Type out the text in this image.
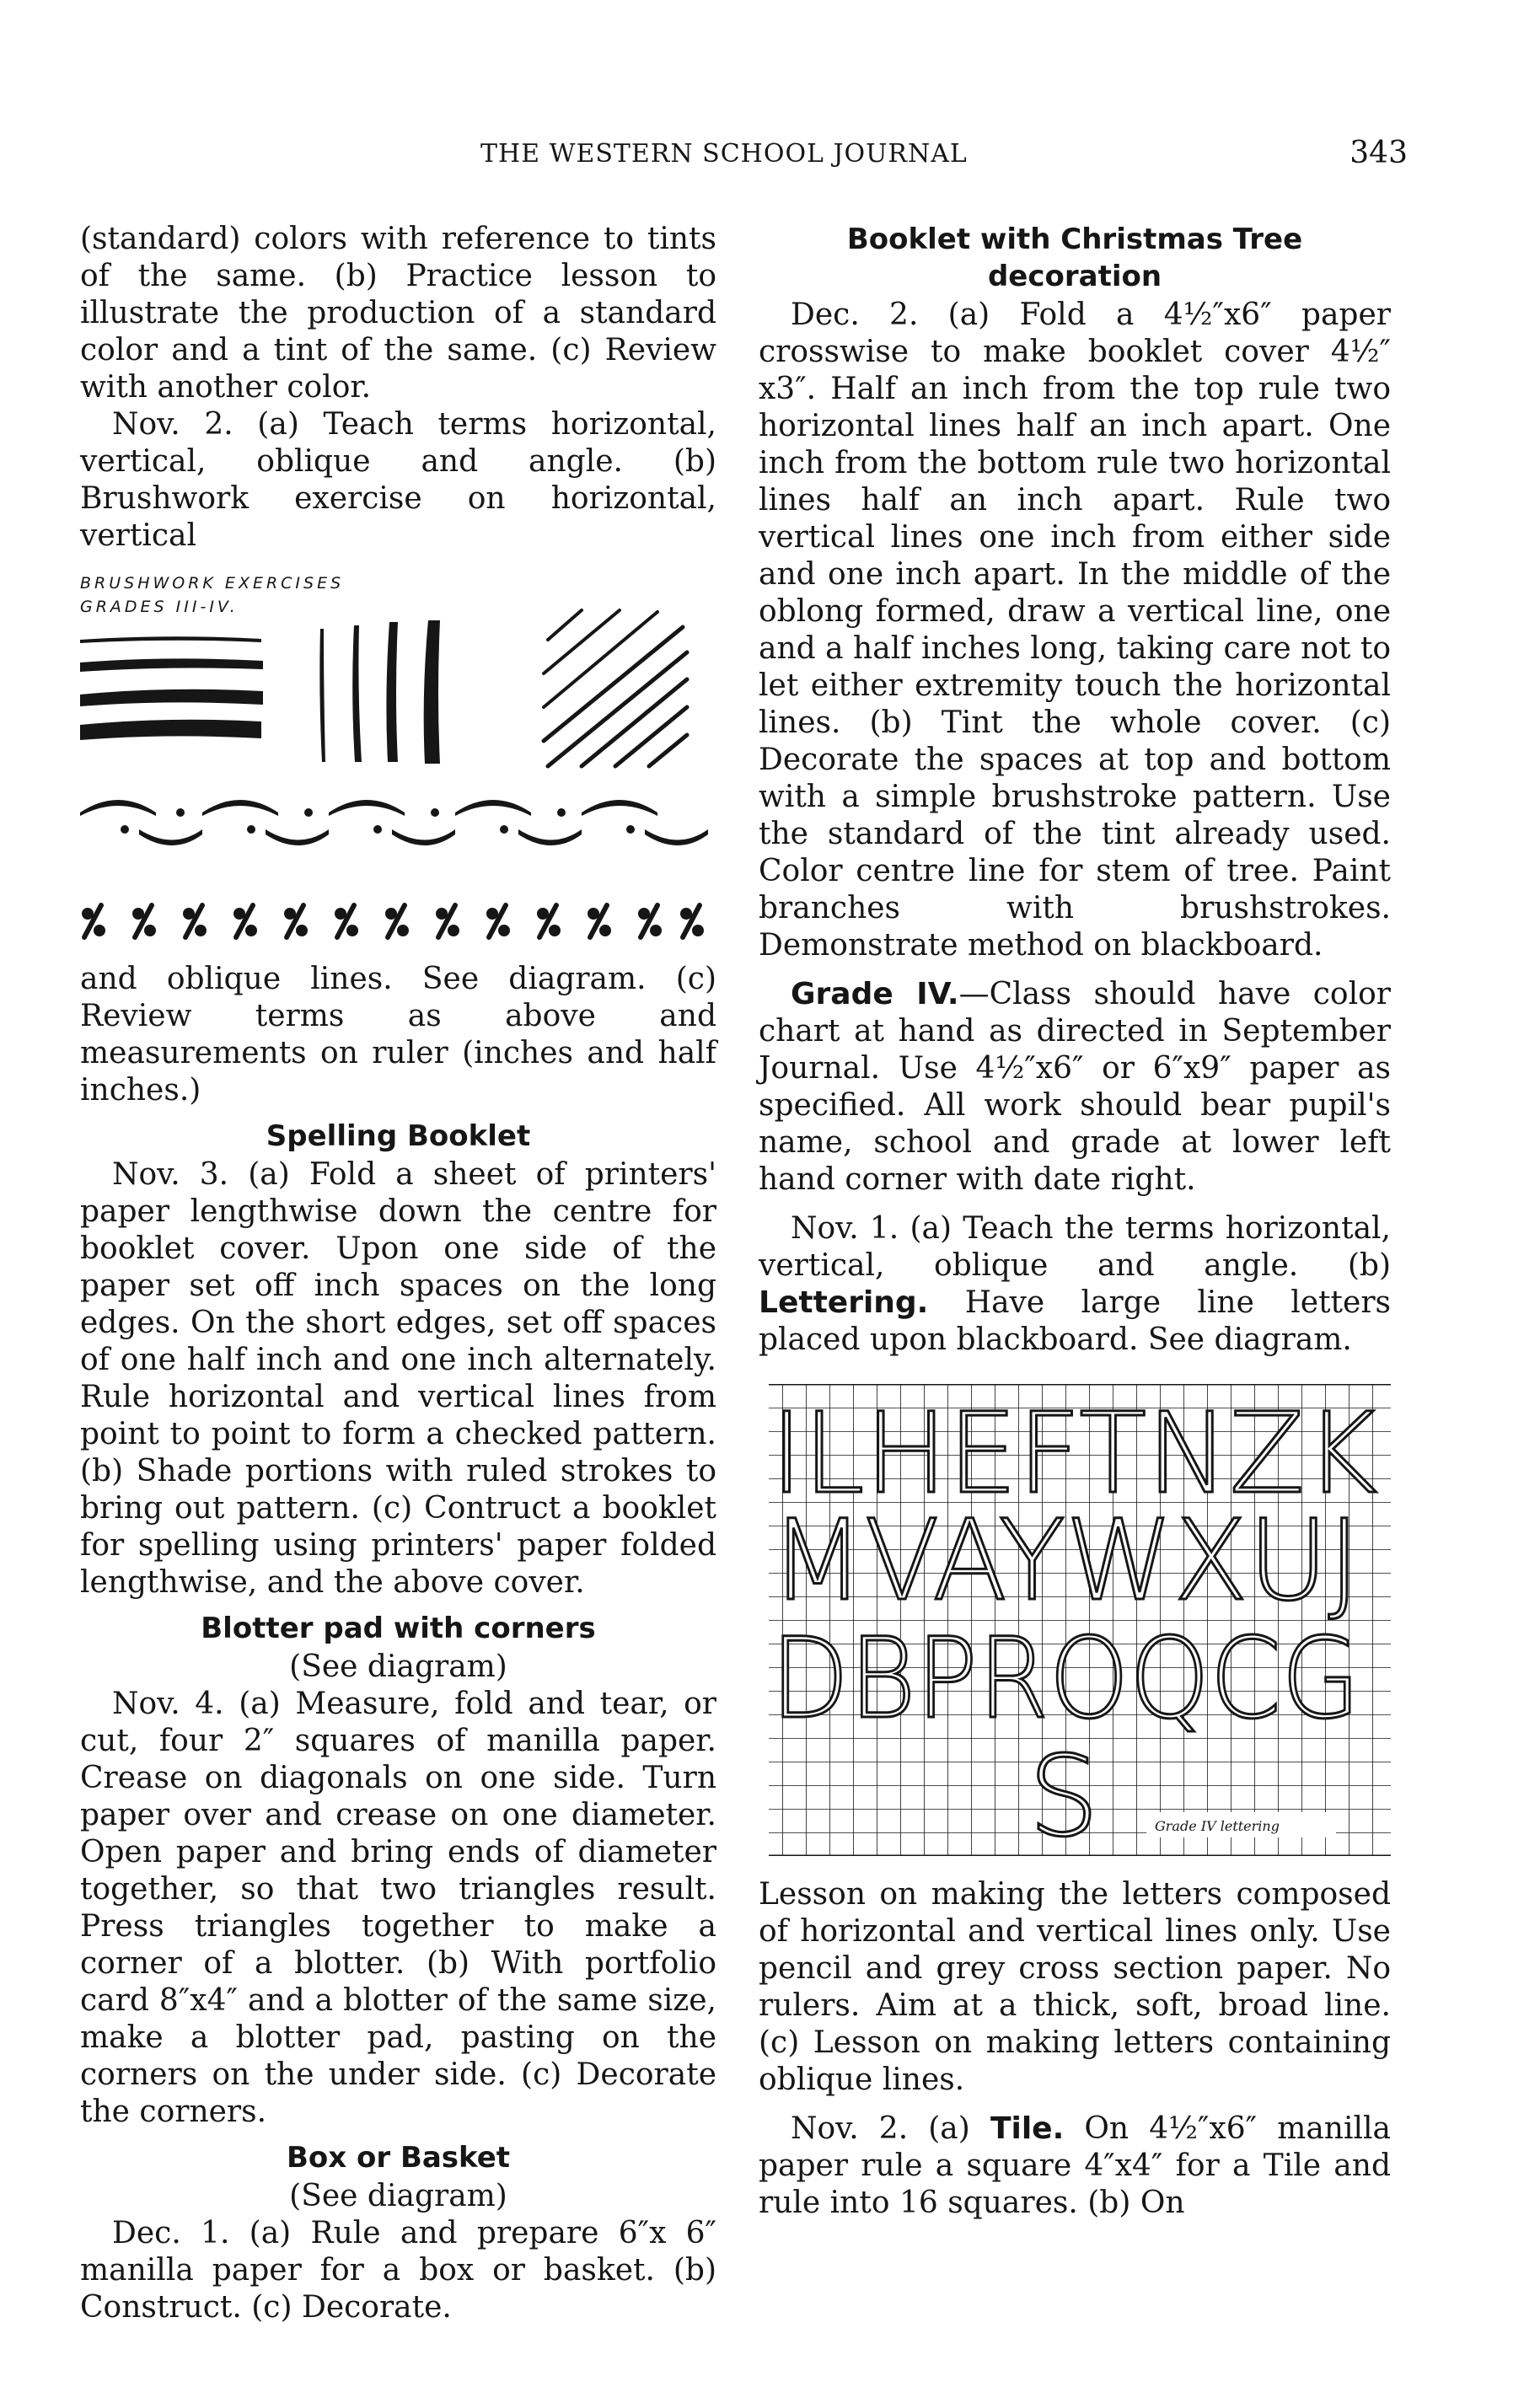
THE WESTERN SCHOOL JOURNAL	343

(standard) colors with reference to tints of the same. (b) Practice lesson to illustrate the production of a standard color and a tint of the same. (c) Review with another color.

Nov. 2. (a) Teach terms horizontal, vertical, oblique and angle. (b) Brushwork exercise on horizontal, vertical

BRUSHWORK EXERCISES
GRADES III-IV.

and oblique lines. See diagram. (c) Review terms as above and measurements on ruler (inches and half inches.)

Spelling Booklet

Nov. 3. (a) Fold a sheet of printers' paper lengthwise down the centre for booklet cover. Upon one side of the paper set off inch spaces on the long edges. On the short edges, set off spaces of one half inch and one inch alternately. Rule horizontal and vertical lines from point to point to form a checked pattern. (b) Shade portions with ruled strokes to bring out pattern. (c) Contruct a booklet for spelling using printers' paper folded lengthwise, and the above cover.

Blotter pad with corners
(See diagram)

Nov. 4. (a) Measure, fold and tear, or cut, four 2″ squares of manilla paper. Crease on diagonals on one side. Turn paper over and crease on one diameter. Open paper and bring ends of diameter together, so that two triangles result. Press triangles together to make a corner of a blotter. (b) With portfolio card 8″x4″ and a blotter of the same size, make a blotter pad, pasting on the corners on the under side. (c) Decorate the corners.

Box or Basket
(See diagram)

Dec. 1. (a) Rule and prepare 6″x 6″ manilla paper for a box or basket. (b) Construct. (c) Decorate.

Booklet with Christmas Tree decoration

Dec. 2. (a) Fold a 4½″x6″ paper crosswise to make booklet cover 4½″ x3″. Half an inch from the top rule two horizontal lines half an inch apart. One inch from the bottom rule two horizontal lines half an inch apart. Rule two vertical lines one inch from either side and one inch apart. In the middle of the oblong formed, draw a vertical line, one and a half inches long, taking care not to let either extremity touch the horizontal lines. (b) Tint the whole cover. (c) Decorate the spaces at top and bottom with a simple brushstroke pattern. Use the standard of the tint already used. Color centre line for stem of tree. Paint branches with brushstrokes. Demonstrate method on blackboard.

Grade IV.—Class should have color chart at hand as directed in September Journal. Use 4½″x6″ or 6″x9″ paper as specified. All work should bear pupil's name, school and grade at lower left hand corner with date right.

Nov. 1. (a) Teach the terms horizontal, vertical, oblique and angle. (b) Lettering. Have large line letters placed upon blackboard. See diagram.

ILHEFTNZK
MVAYWXUJ
DBPROQCG
S	Grade IV lettering

Lesson on making the letters composed of horizontal and vertical lines only. Use pencil and grey cross section paper. No rulers. Aim at a thick, soft, broad line. (c) Lesson on making letters containing oblique lines.

Nov. 2. (a) Tile. On 4½″x6″ manilla paper rule a square 4″x4″ for a Tile and rule into 16 squares. (b) On
